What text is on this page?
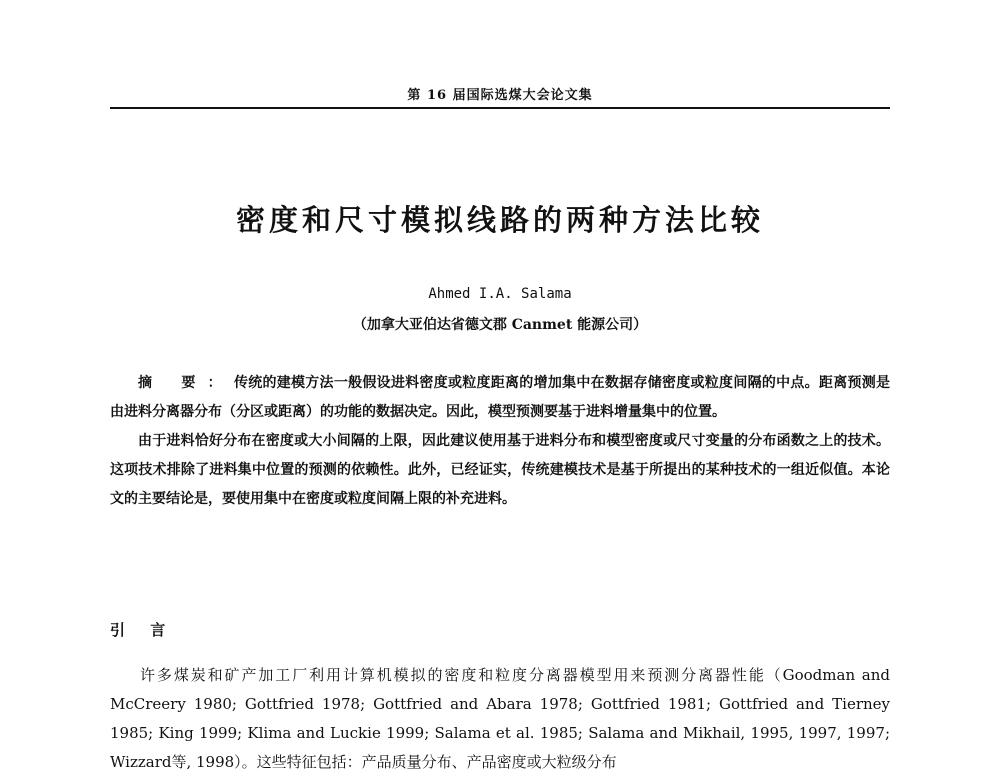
第 16 届国际选煤大会论文集
密度和尺寸模拟线路的两种方法比较
Ahmed I.A. Salama
（加拿大亚伯达省德文郡 Canmet 能源公司）

摘 要：传统的建模方法一般假设进料密度或粒度距离的增加集中在数据存储密度或粒度间隔的中点。距离预测是由进料分离器分布（分区或距离）的功能的数据决定。因此，模型预测要基于进料增量集中的位置。

由于进料恰好分布在密度或大小间隔的上限，因此建议使用基于进料分布和模型密度或尺寸变量的分布函数之上的技术。这项技术排除了进料集中位置的预测的依赖性。此外，已经证实，传统建模技术是基于所提出的某种技术的一组近似值。本论文的主要结论是，要使用集中在密度或粒度间隔上限的补充进料。

引 言

许多煤炭和矿产加工厂利用计算机模拟的密度和粒度分离器模型用来预测分离器性能（Goodman and McCreery 1980; Gottfried 1978; Gottfried and Abara 1978; Gottfried 1981; Gottfried and Tierney 1985; King 1999; Klima and Luckie 1999; Salama et al. 1985; Salama and Mikhail, 1995, 1997, 1997; Wizzard等, 1998）。这些特征包括：产品质量分布、产品密度或大粒级分布
